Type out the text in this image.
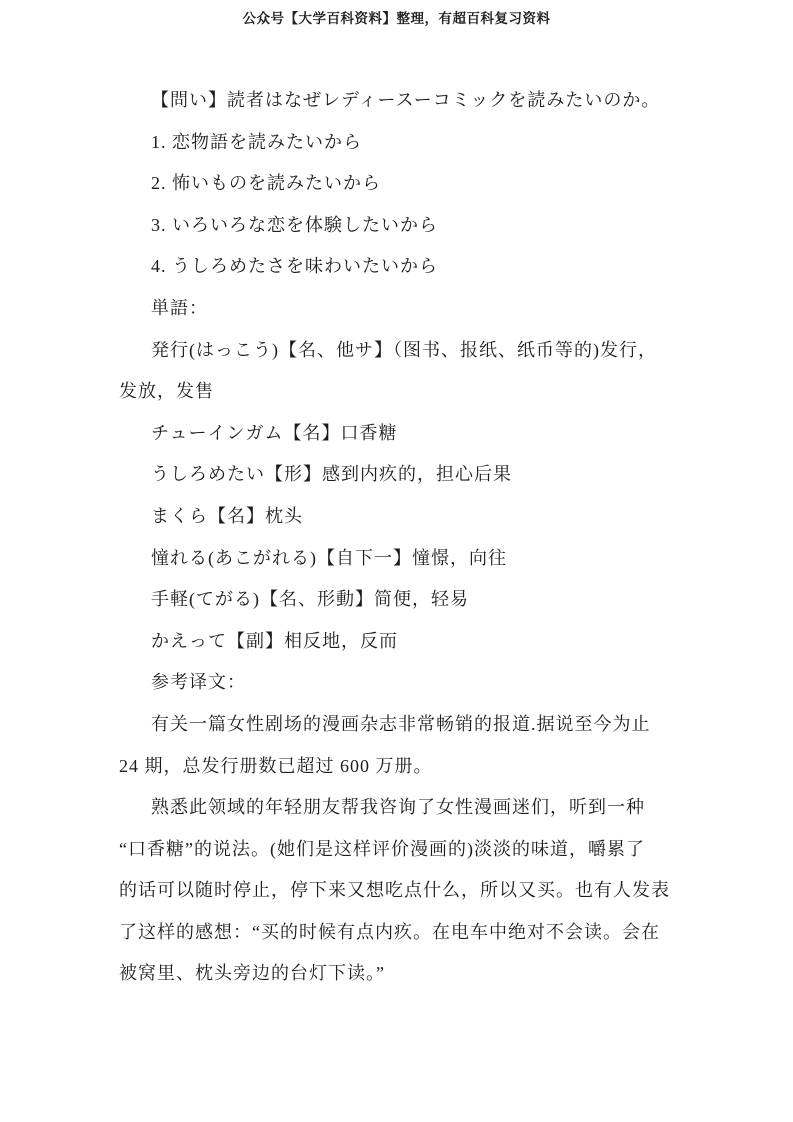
公众号【大学百科资料】整理，有超百科复习资料
【問い】読者はなぜレディースーコミックを読みたいのか。
1. 恋物語を読みたいから
2. 怖いものを読みたいから
3. いろいろな恋を体験したいから
4. うしろめたさを味わいたいから
単語：
発行(はっこう)【名、他サ】（图书、报纸、纸币等的)发行，
发放，发售
チューインガム【名】口香糖
うしろめたい【形】感到内疚的，担心后果
まくら【名】枕头
憧れる(あこがれる)【自下一】憧憬，向往
手軽(てがる)【名、形動】简便，轻易
かえって【副】相反地，反而
参考译文：
有关一篇女性剧场的漫画杂志非常畅销的报道.据说至今为止
24 期，总发行册数已超过 600 万册。
熟悉此领域的年轻朋友帮我咨询了女性漫画迷们，听到一种
“口香糖”的说法。(她们是这样评价漫画的)淡淡的味道，嚼累了
的话可以随时停止，停下来又想吃点什么，所以又买。也有人发表
了这样的感想：“买的时候有点内疚。在电车中绝对不会读。会在
被窝里、枕头旁边的台灯下读。”
